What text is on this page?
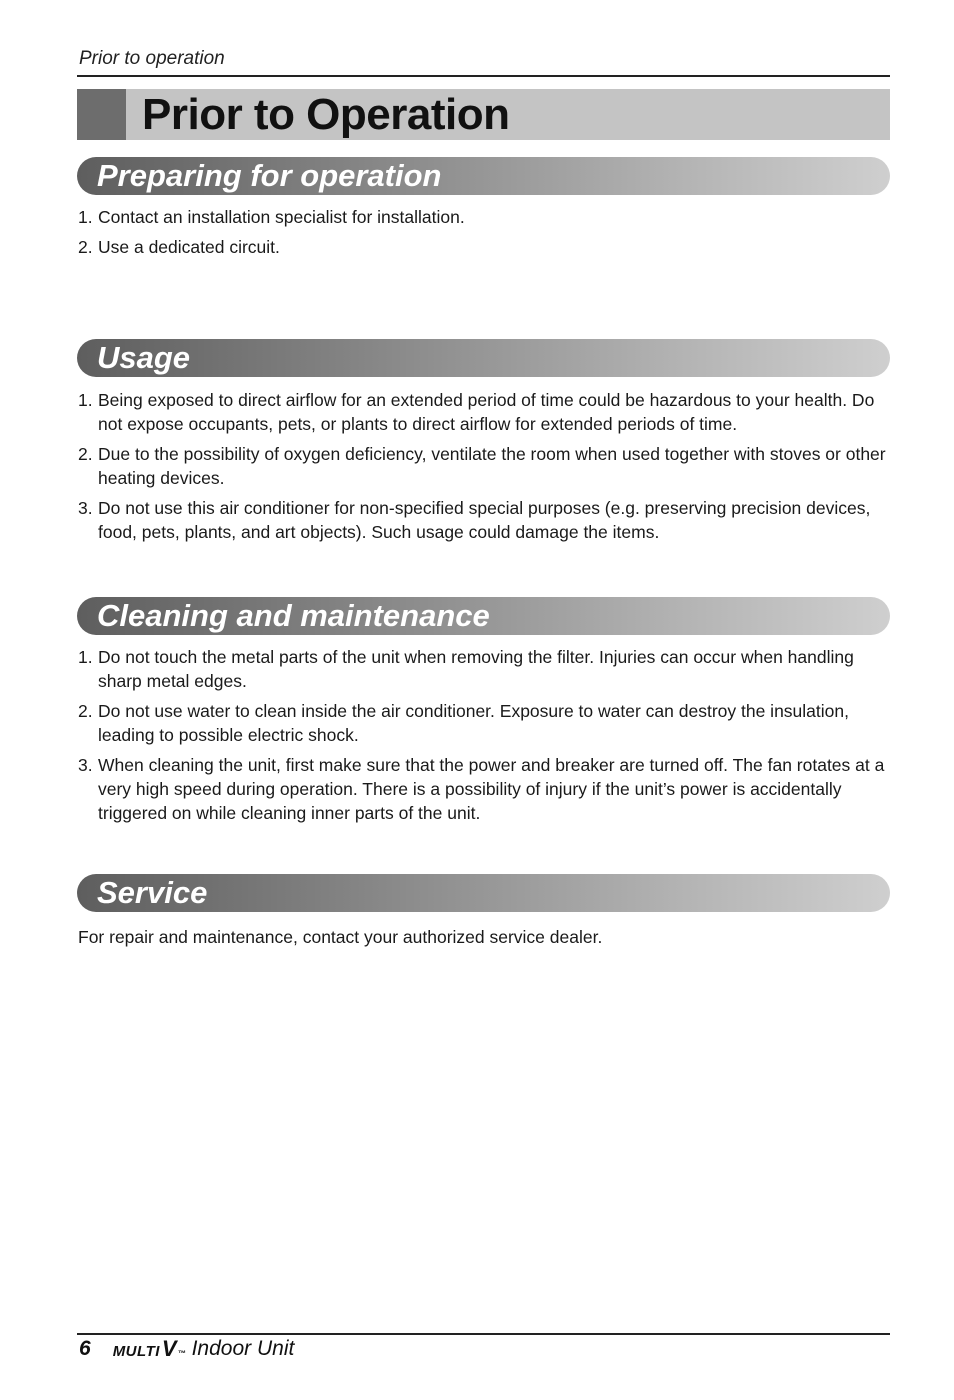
Prior to operation
Prior to Operation
Preparing for operation
1. Contact an installation specialist for installation.
2. Use a dedicated circuit.
Usage
1. Being exposed to direct airflow for an extended period of time could be hazardous to your health. Do not expose occupants, pets, or plants to direct airflow for extended periods of time.
2. Due to the possibility of oxygen deficiency, ventilate the room when used together with stoves or other heating devices.
3. Do not use this air conditioner for non-specified special purposes (e.g. preserving precision devices, food, pets, plants, and art objects). Such usage could damage the items.
Cleaning and maintenance
1. Do not touch the metal parts of the unit when removing the filter. Injuries can occur when handling sharp metal edges.
2. Do not use water to clean inside the air conditioner. Exposure to water can destroy the insulation, leading to possible electric shock.
3. When cleaning the unit, first make sure that the power and breaker are turned off. The fan rotates at a very high speed during operation. There is a possibility of injury if the unit’s power is accidentally triggered on while cleaning inner parts of the unit.
Service

For repair and maintenance, contact your authorized service dealer.

6 MULTI V ™ Indoor Unit
